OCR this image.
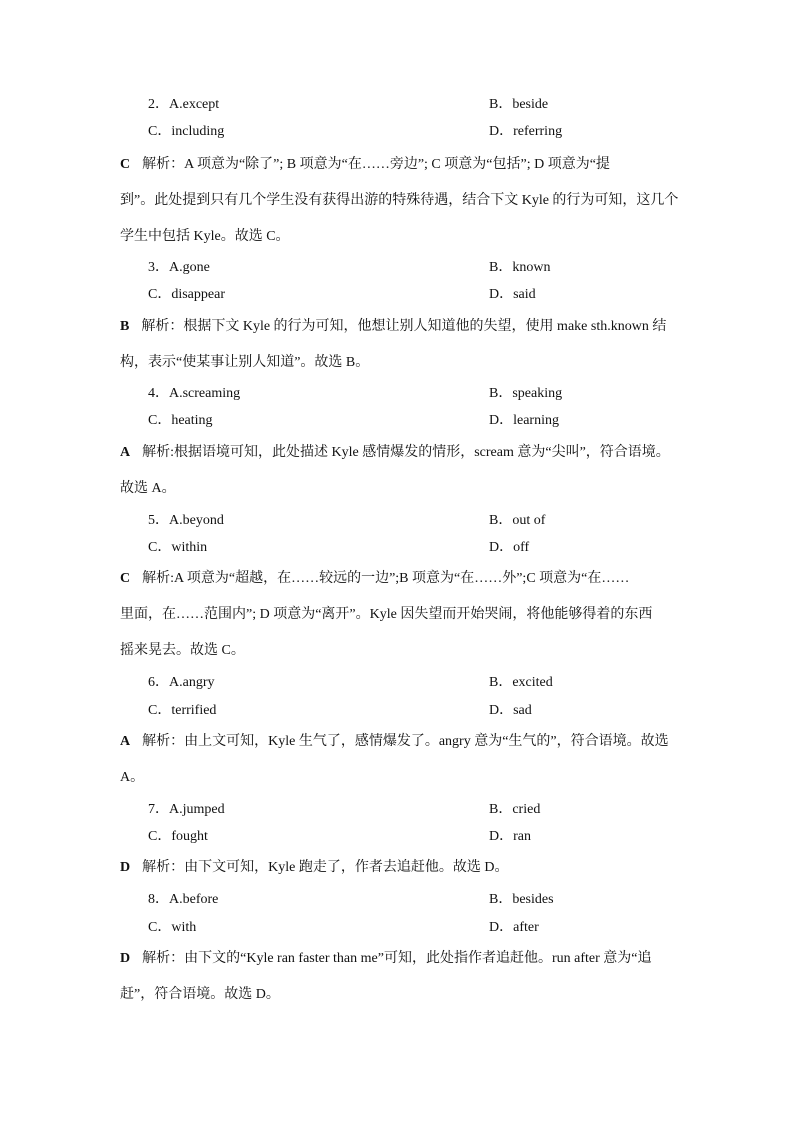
2．A.except	B．beside
C．including	D．referring
C 解析：A 项意为“除了”; B 项意为“在……旁边”; C 项意为“包括”; D 项意为“提
到”。此处提到只有几个学生没有获得出游的特殊待遇，结合下文 Kyle 的行为可知，这几个
学生中包括 Kyle。故选 C。
3．A.gone	B．known
C．disappear	D．said
B 解析：根据下文 Kyle 的行为可知，他想让别人知道他的失望，使用 make sth.known 结
构，表示“使某事让别人知道”。故选 B。
4．A.screaming	B．speaking
C．heating	D．learning
A 解析:根据语境可知，此处描述 Kyle 感情爆发的情形，scream 意为“尖叫”，符合语境。
故选 A。
5．A.beyond	B．out of
C．within	D．off
C 解析:A 项意为“超越，在……较远的一边”;B 项意为“在……外”;C 项意为“在……
里面，在……范围内”; D 项意为“离开”。Kyle 因失望而开始哭闹，将他能够得着的东西
摇来晃去。故选 C。
6．A.angry	B．excited
C．terrified	D．sad
A 解析：由上文可知，Kyle 生气了，感情爆发了。angry 意为“生气的”，符合语境。故选
A。
7．A.jumped	B．cried
C．fought	D．ran
D 解析：由下文可知，Kyle 跑走了，作者去追赶他。故选 D。
8．A.before	B．besides
C．with	D．after
D 解析：由下文的“Kyle ran faster than me”可知，此处指作者追赶他。run after 意为“追
赶”，符合语境。故选 D。
